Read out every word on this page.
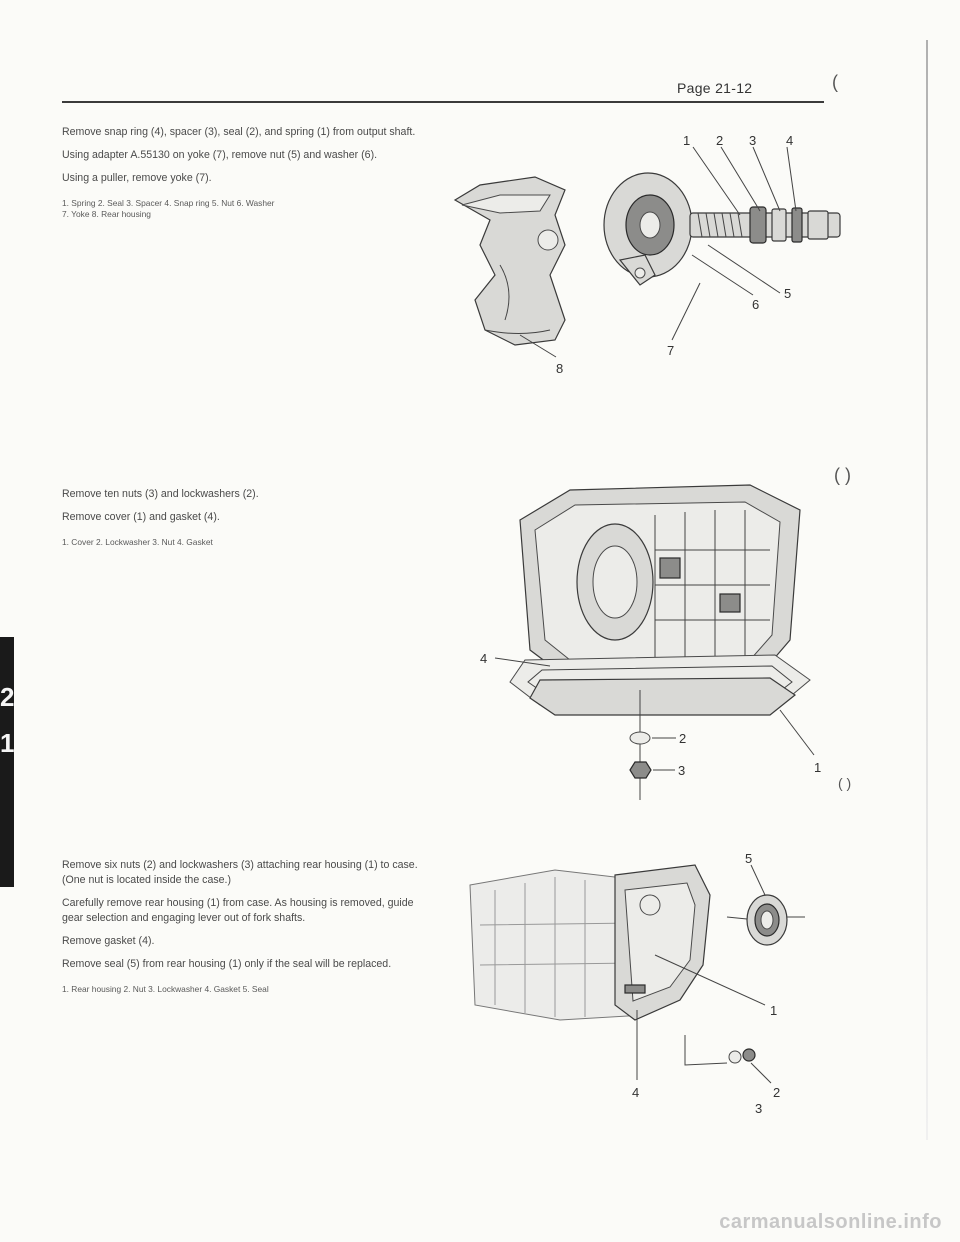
Page 21-12	(
2
1

Remove snap ring (4), spacer (3), seal (2), and spring (1) from output shaft.

Using adapter A.55130 on yoke (7), remove nut (5) and washer (6).

Using a puller, remove yoke (7).

1. Spring 2. Seal 3. Spacer 4. Snap ring 5. Nut 6. Washer
7. Yoke 8. Rear housing
1 2 3 4
5
6
7
8
( )

Remove ten nuts (3) and lockwashers (2).

Remove cover (1) and gasket (4).

1. Cover 2. Lockwasher 3. Nut 4. Gasket
4
2
3	1
( )

Remove six nuts (2) and lockwashers (3) attaching rear housing (1) to case. (One nut is located inside the case.)

Carefully remove rear housing (1) from case. As housing is removed, guide gear selection and engaging lever out of fork shafts.

Remove gasket (4).

Remove seal (5) from rear housing (1) only if the seal will be replaced.

1. Rear housing 2. Nut 3. Lockwasher 4. Gasket 5. Seal
5
1
4	2
3
carmanualsonline.info
